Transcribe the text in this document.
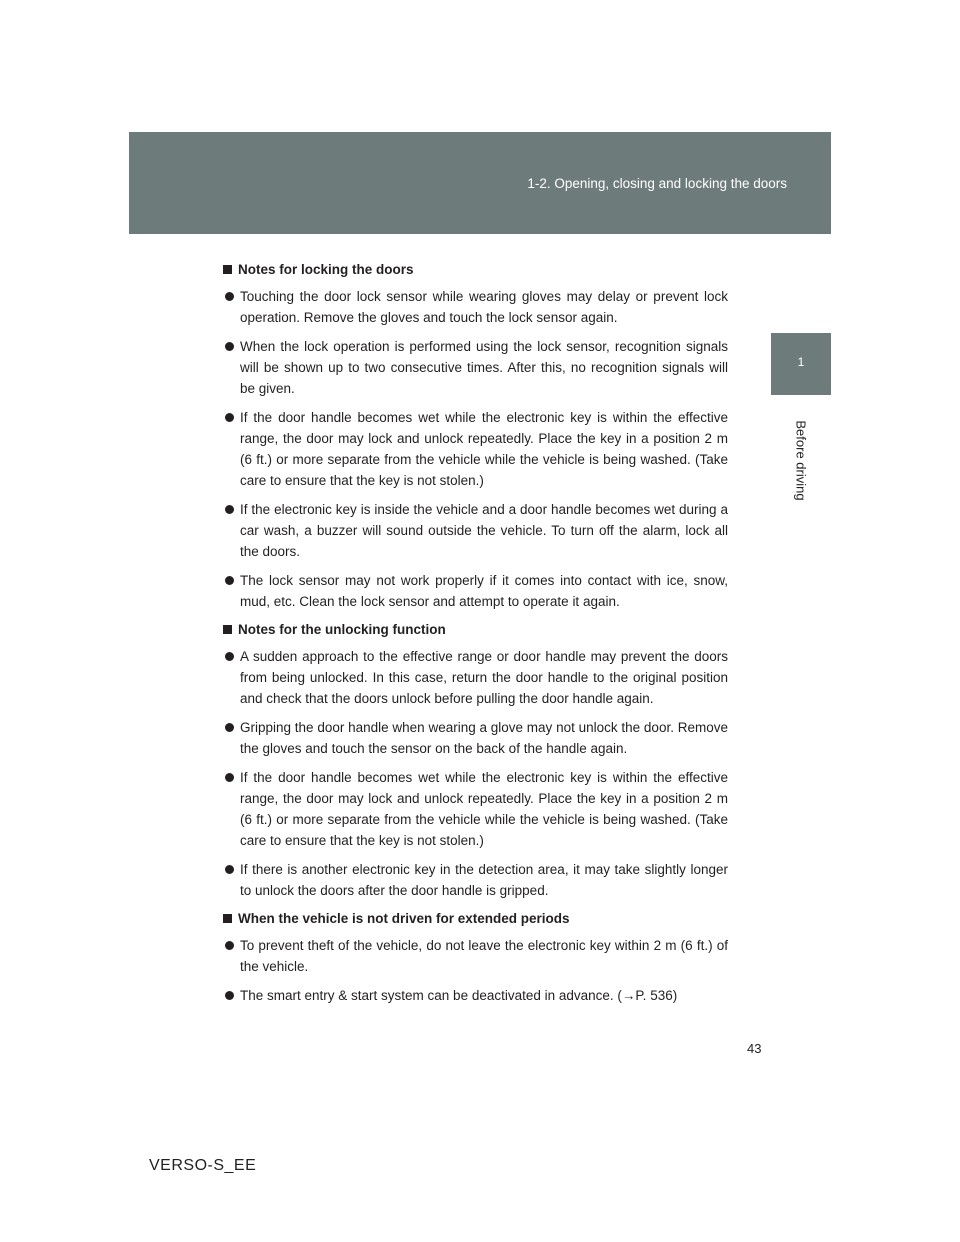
1-2. Opening, closing and locking the doors
1
Before driving
Notes for locking the doors
Touching the door lock sensor while wearing gloves may delay or prevent lock operation. Remove the gloves and touch the lock sensor again.
When the lock operation is performed using the lock sensor, recognition signals will be shown up to two consecutive times. After this, no recognition signals will be given.
If the door handle becomes wet while the electronic key is within the effective range, the door may lock and unlock repeatedly. Place the key in a position 2 m (6 ft.) or more separate from the vehicle while the vehicle is being washed. (Take care to ensure that the key is not stolen.)
If the electronic key is inside the vehicle and a door handle becomes wet during a car wash, a buzzer will sound outside the vehicle. To turn off the alarm, lock all the doors.
The lock sensor may not work properly if it comes into contact with ice, snow, mud, etc. Clean the lock sensor and attempt to operate it again.
Notes for the unlocking function
A sudden approach to the effective range or door handle may prevent the doors from being unlocked. In this case, return the door handle to the original position and check that the doors unlock before pulling the door handle again.
Gripping the door handle when wearing a glove may not unlock the door. Remove the gloves and touch the sensor on the back of the handle again.
If the door handle becomes wet while the electronic key is within the effective range, the door may lock and unlock repeatedly. Place the key in a position 2 m (6 ft.) or more separate from the vehicle while the vehicle is being washed. (Take care to ensure that the key is not stolen.)
If there is another electronic key in the detection area, it may take slightly longer to unlock the doors after the door handle is gripped.
When the vehicle is not driven for extended periods
To prevent theft of the vehicle, do not leave the electronic key within 2 m (6 ft.) of the vehicle.
The smart entry & start system can be deactivated in advance. (→P. 536)
43
VERSO-S_EE
